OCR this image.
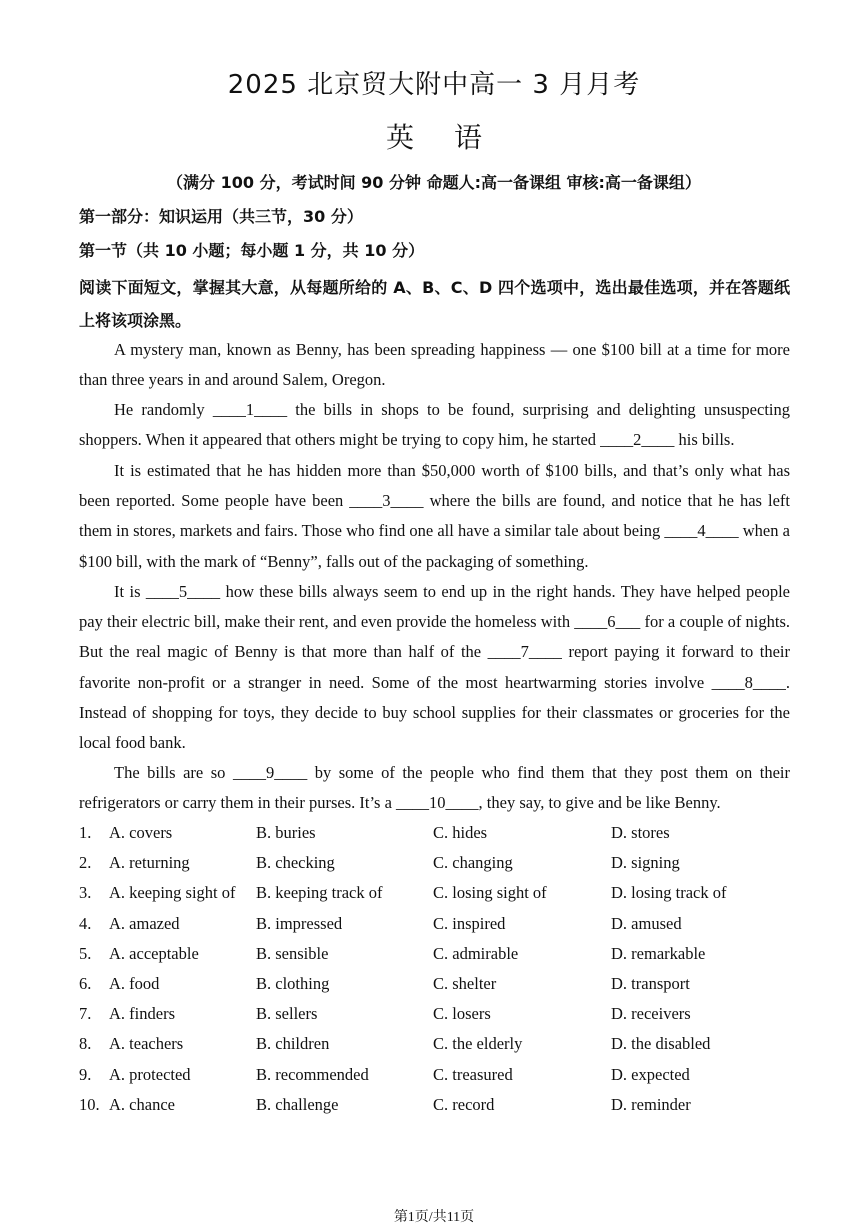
2025 北京贸大附中高一 3 月月考
英语
（满分 100 分，考试时间 90 分钟 命题人:高一备课组 审核:高一备课组）
第一部分：知识运用（共三节，30 分）
第一节（共 10 小题；每小题 1 分，共 10 分）
阅读下面短文，掌握其大意，从每题所给的 A、B、C、D 四个选项中，选出最佳选项，并在答题纸上将该项涂黑。

A mystery man, known as Benny, has been spreading happiness — one $100 bill at a time for more than three years in and around Salem, Oregon.

He randomly ____1____ the bills in shops to be found, surprising and delighting unsuspecting shoppers. When it appeared that others might be trying to copy him, he started ____2____ his bills.

It is estimated that he has hidden more than $50,000 worth of $100 bills, and that’s only what has been reported. Some people have been ____3____ where the bills are found, and notice that he has left them in stores, markets and fairs. Those who find one all have a similar tale about being ____4____ when a $100 bill, with the mark of “Benny”, falls out of the packaging of something.

It is ____5____ how these bills always seem to end up in the right hands. They have helped people pay their electric bill, make their rent, and even provide the homeless with ____6___ for a couple of nights. But the real magic of Benny is that more than half of the ____7____ report paying it forward to their favorite non-profit or a stranger in need. Some of the most heartwarming stories involve ____8____. Instead of shopping for toys, they decide to buy school supplies for their classmates or groceries for the local food bank.

The bills are so ____9____ by some of the people who find them that they post them on their refrigerators or carry them in their purses. It’s a ____10____, they say, to give and be like Benny.

1. A. covers	B. buries	C. hides	D. stores
2. A. returning	B. checking	C. changing	D. signing
3. A. keeping sight of B. keeping track of	C. losing sight of	D. losing track of
4. A. amazed	B. impressed	C. inspired	D. amused
5. A. acceptable	B. sensible	C. admirable	D. remarkable
6. A. food	B. clothing	C. shelter	D. transport
7. A. finders	B. sellers	C. losers	D. receivers
8. A. teachers	B. children	C. the elderly	D. the disabled
9. A. protected	B. recommended	C. treasured	D. expected
10. A. chance	B. challenge	C. record	D. reminder
第1页/共11页
